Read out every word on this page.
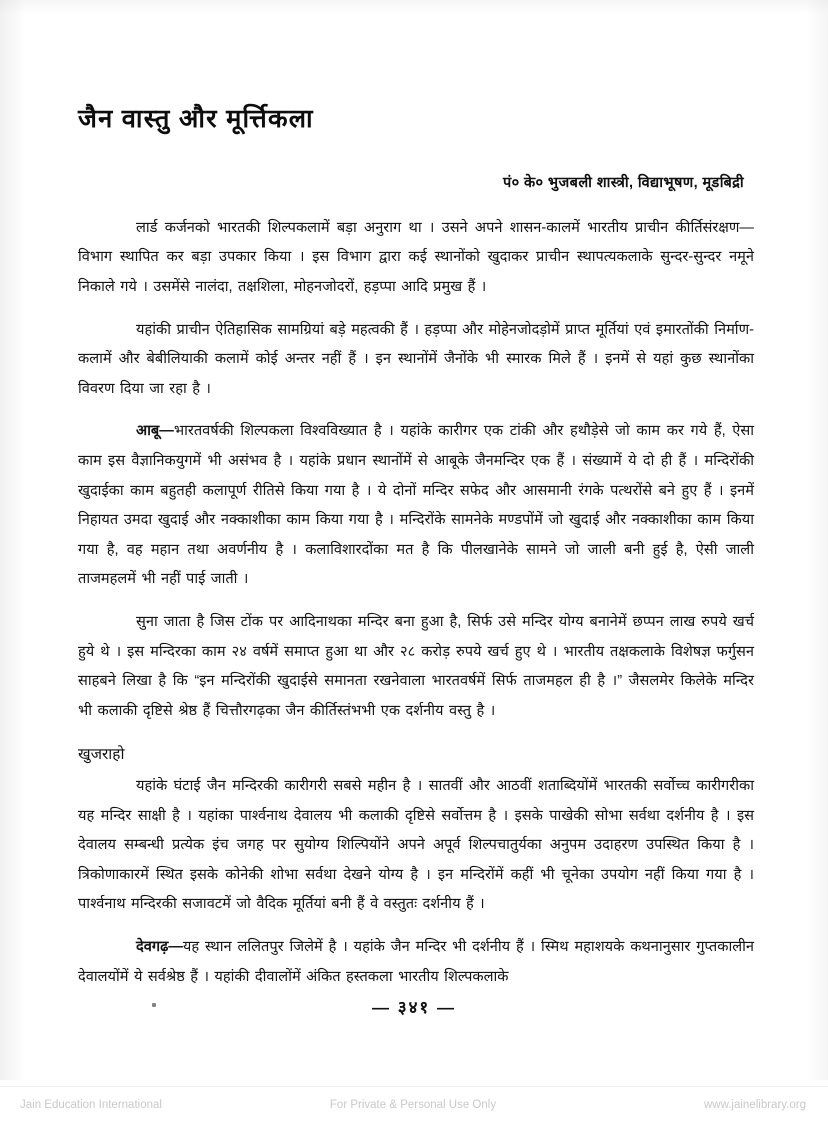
जैन वास्तु और मूर्त्तिकला
पं० के० भुजबली शास्त्री, विद्याभूषण, मूडबिद्री

लार्ड कर्जनको भारतकी शिल्पकलामें बड़ा अनुराग था । उसने अपने शासन-कालमें भारतीय प्राचीन कीर्तिसंरक्षण—विभाग स्थापित कर बड़ा उपकार किया । इस विभाग द्वारा कई स्थानोंको खुदाकर प्राचीन स्थापत्यकलाके सुन्दर-सुन्दर नमूने निकाले गये । उसमेंसे नालंदा, तक्षशिला, मोहनजोदरों, हड़प्पा आदि प्रमुख हैं ।

यहांकी प्राचीन ऐतिहासिक सामग्रियां बड़े महत्वकी हैं । हड़प्पा और मोहेनजोदड़ोमें प्राप्त मूर्तियां एवं इमारतोंकी निर्माण-कलामें और बेबीलियाकी कलामें कोई अन्तर नहीं हैं । इन स्थानोंमें जैनोंके भी स्मारक मिले हैं । इनमें से यहां कुछ स्थानोंका विवरण दिया जा रहा है ।

आबू—भारतवर्षकी शिल्पकला विश्वविख्यात है । यहांके कारीगर एक टांकी और हथौड़ेसे जो काम कर गये हैं, ऐसा काम इस वैज्ञानिकयुगमें भी असंभव है । यहांके प्रधान स्थानोंमें से आबूके जैनमन्दिर एक हैं । संख्यामें ये दो ही हैं । मन्दिरोंकी खुदाईका काम बहुतही कलापूर्ण रीतिसे किया गया है । ये दोनों मन्दिर सफेद और आसमानी रंगके पत्थरोंसे बने हुए हैं । इनमें निहायत उमदा खुदाई और नक्काशीका काम किया गया है । मन्दिरोंके सामनेके मण्डपोंमें जो खुदाई और नक्काशीका काम किया गया है, वह महान तथा अवर्णनीय है । कलाविशारदोंका मत है कि पीलखानेके सामने जो जाली बनी हुई है, ऐसी जाली ताजमहलमें भी नहीं पाई जाती ।

सुना जाता है जिस टोंक पर आदिनाथका मन्दिर बना हुआ है, सिर्फ उसे मन्दिर योग्य बनानेमें छप्पन लाख रुपये खर्च हुये थे । इस मन्दिरका काम २४ वर्षमें समाप्त हुआ था और २८ करोड़ रुपये खर्च हुए थे । भारतीय तक्षकलाके विशेषज्ञ फर्गुसन साहबने लिखा है कि “इन मन्दिरोंकी खुदाईसे समानता रखनेवाला भारतवर्षमें सिर्फ ताजमहल ही है ।” जैसलमेर किलेके मन्दिर भी कलाकी दृष्टिसे श्रेष्ठ हैं चित्तौरगढ़का जैन कीर्तिस्तंभभी एक दर्शनीय वस्तु है ।

खुजराहो

यहांके घंटाई जैन मन्दिरकी कारीगरी सबसे महीन है । सातवीं और आठवीं शताब्दियोंमें भारतकी सर्वोच्च कारीगरीका यह मन्दिर साक्षी है । यहांका पार्श्वनाथ देवालय भी कलाकी दृष्टिसे सर्वोत्तम है । इसके पाखेकी सोभा सर्वथा दर्शनीय है । इस देवालय सम्बन्धी प्रत्येक इंच जगह पर सुयोग्य शिल्पियोंने अपने अपूर्व शिल्पचातुर्यका अनुपम उदाहरण उपस्थित किया है । त्रिकोणाकारमें स्थित इसके कोनेकी शोभा सर्वथा देखने योग्य है । इन मन्दिरोंमें कहीं भी चूनेका उपयोग नहीं किया गया है । पार्श्वनाथ मन्दिरकी सजावटमें जो वैदिक मूर्तियां बनी हैं वे वस्तुतः दर्शनीय हैं ।

देवगढ़—यह स्थान ललितपुर जिलेमें है । यहांके जैन मन्दिर भी दर्शनीय हैं । स्मिथ महाशयके कथनानुसार गुप्तकालीन देवालयोंमें ये सर्वश्रेष्ठ हैं । यहांकी दीवालोंमें अंकित हस्तकला भारतीय शिल्पकलाके

— ३४१ —
Jain Education International	For Private & Personal Use Only	www.jainelibrary.org
